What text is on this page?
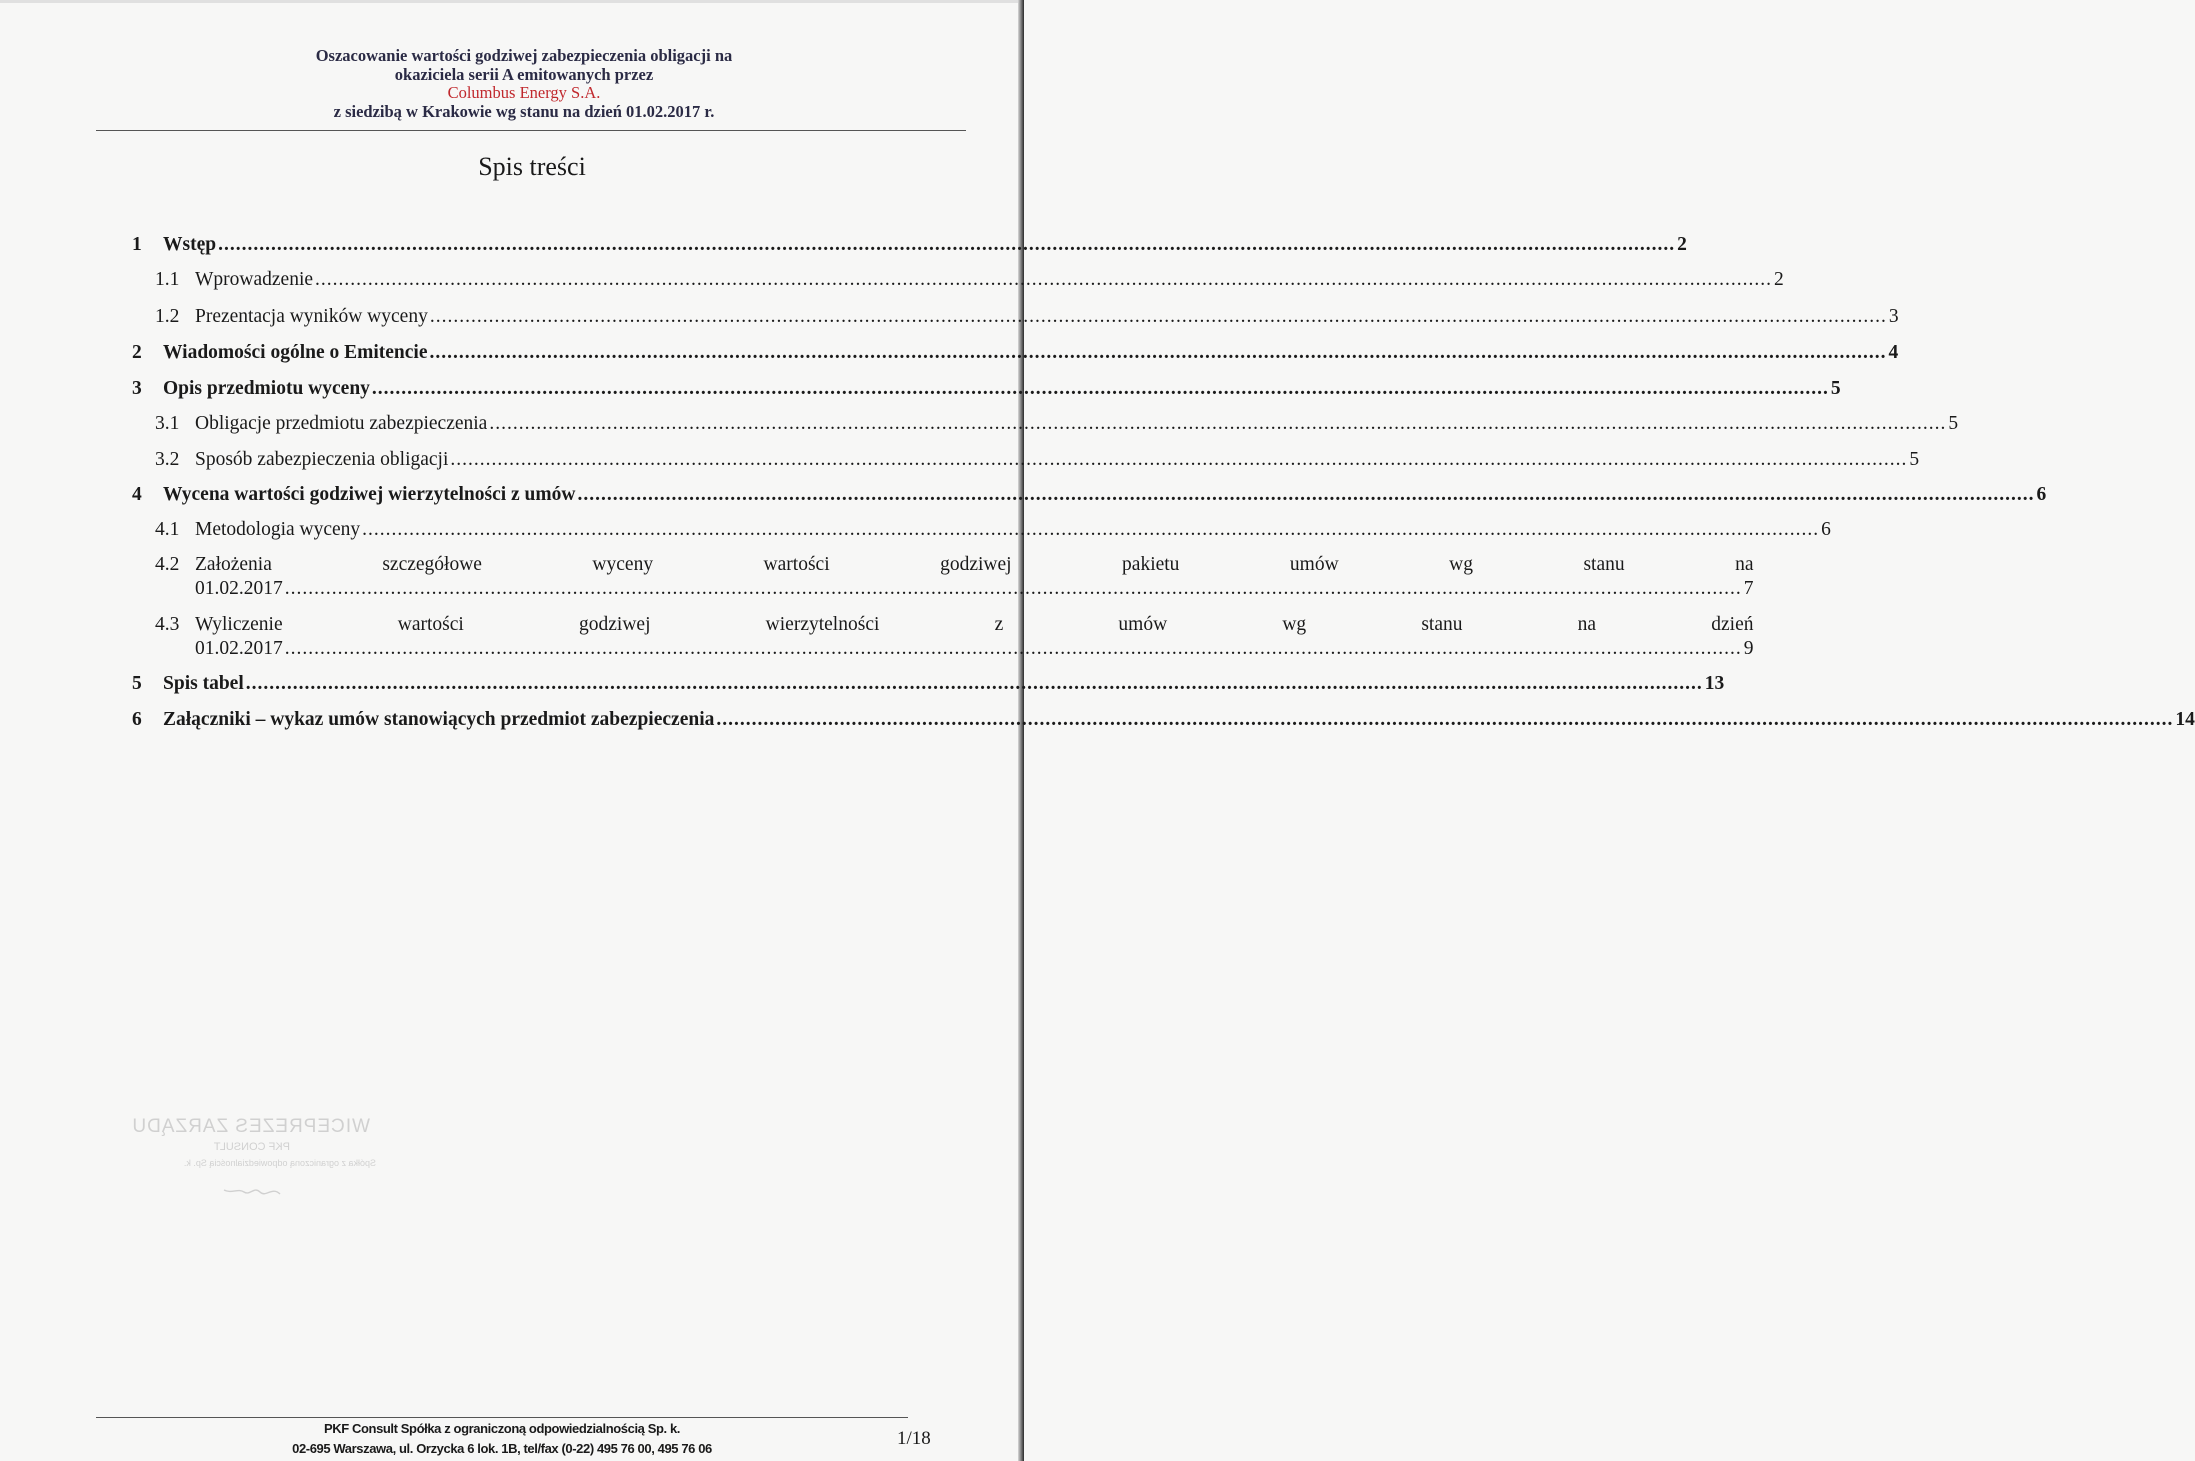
Oszacowanie wartości godziwej zabezpieczenia obligacji na
okaziciela serii A emitowanych przez
Columbus Energy S.A.
z siedzibą w Krakowie wg stanu na dzień 01.02.2017 r.
Spis treści
1	Wstęp .....	2
1.1 Wprowadzenie .....	2
1.2 Prezentacja wyników wyceny .....	3
2	Wiadomości ogólne o Emitencie .....	4
3	Opis przedmiotu wyceny .....	5
3.1 Obligacje przedmiotu zabezpieczenia .....	5
3.2 Sposób zabezpieczenia obligacji .....	5
4	Wycena wartości godziwej wierzytelności z umów .....	6
4.1 Metodologia wyceny .....	6
4.2 Założenia szczegółowe wyceny wartości godziwej pakietu umów wg stanu na
01.02.2017 .....	7
4.3 Wyliczenie wartości godziwej wierzytelności z umów wg stanu na dzień
01.02.2017 .....	9
5	Spis tabel .....	13
6	Załączniki – wykaz umów stanowiących przedmiot zabezpieczenia .....	14
WICEPREZES ZARZĄDU
PKF CONSULT
Spółka z ograniczoną odpowiedzialnością Sp. k.
PKF Consult Spółka z ograniczoną odpowiedzialnością Sp. k.
02-695 Warszawa, ul. Orzycka 6 lok. 1B, tel/fax (0-22) 495 76 00, 495 76 06	1/18
